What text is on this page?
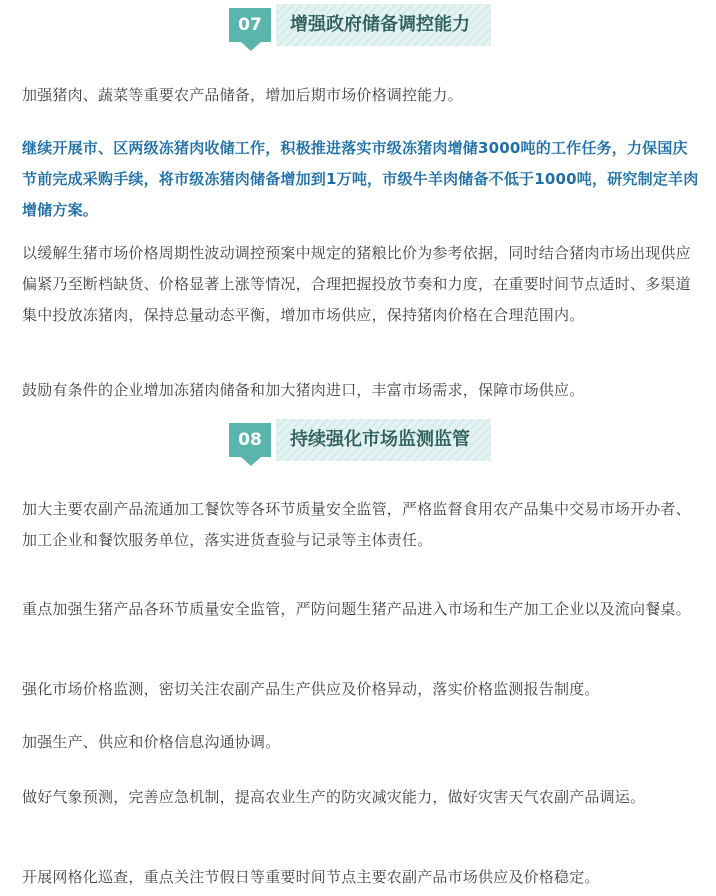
07	增强政府储备调控能力

加强猪肉、蔬菜等重要农产品储备，增加后期市场价格调控能力。

继续开展市、区两级冻猪肉收储工作，积极推进落实市级冻猪肉增储3000吨的工作任务，力保国庆节前完成采购手续，将市级冻猪肉储备增加到1万吨，市级牛羊肉储备不低于1000吨，研究制定羊肉增储方案。

以缓解生猪市场价格周期性波动调控预案中规定的猪粮比价为参考依据，同时结合猪肉市场出现供应偏紧乃至断档缺货、价格显著上涨等情况，合理把握投放节奏和力度，在重要时间节点适时、多渠道集中投放冻猪肉，保持总量动态平衡，增加市场供应，保持猪肉价格在合理范围内。

鼓励有条件的企业增加冻猪肉储备和加大猪肉进口，丰富市场需求，保障市场供应。

08	持续强化市场监测监管

加大主要农副产品流通加工餐饮等各环节质量安全监管，严格监督食用农产品集中交易市场开办者、加工企业和餐饮服务单位，落实进货查验与记录等主体责任。

重点加强生猪产品各环节质量安全监管，严防问题生猪产品进入市场和生产加工企业以及流向餐桌。

强化市场价格监测，密切关注农副产品生产供应及价格异动，落实价格监测报告制度。

加强生产、供应和价格信息沟通协调。

做好气象预测，完善应急机制，提高农业生产的防灾减灾能力，做好灾害天气农副产品调运。

开展网格化巡查，重点关注节假日等重要时间节点主要农副产品市场供应及价格稳定。
